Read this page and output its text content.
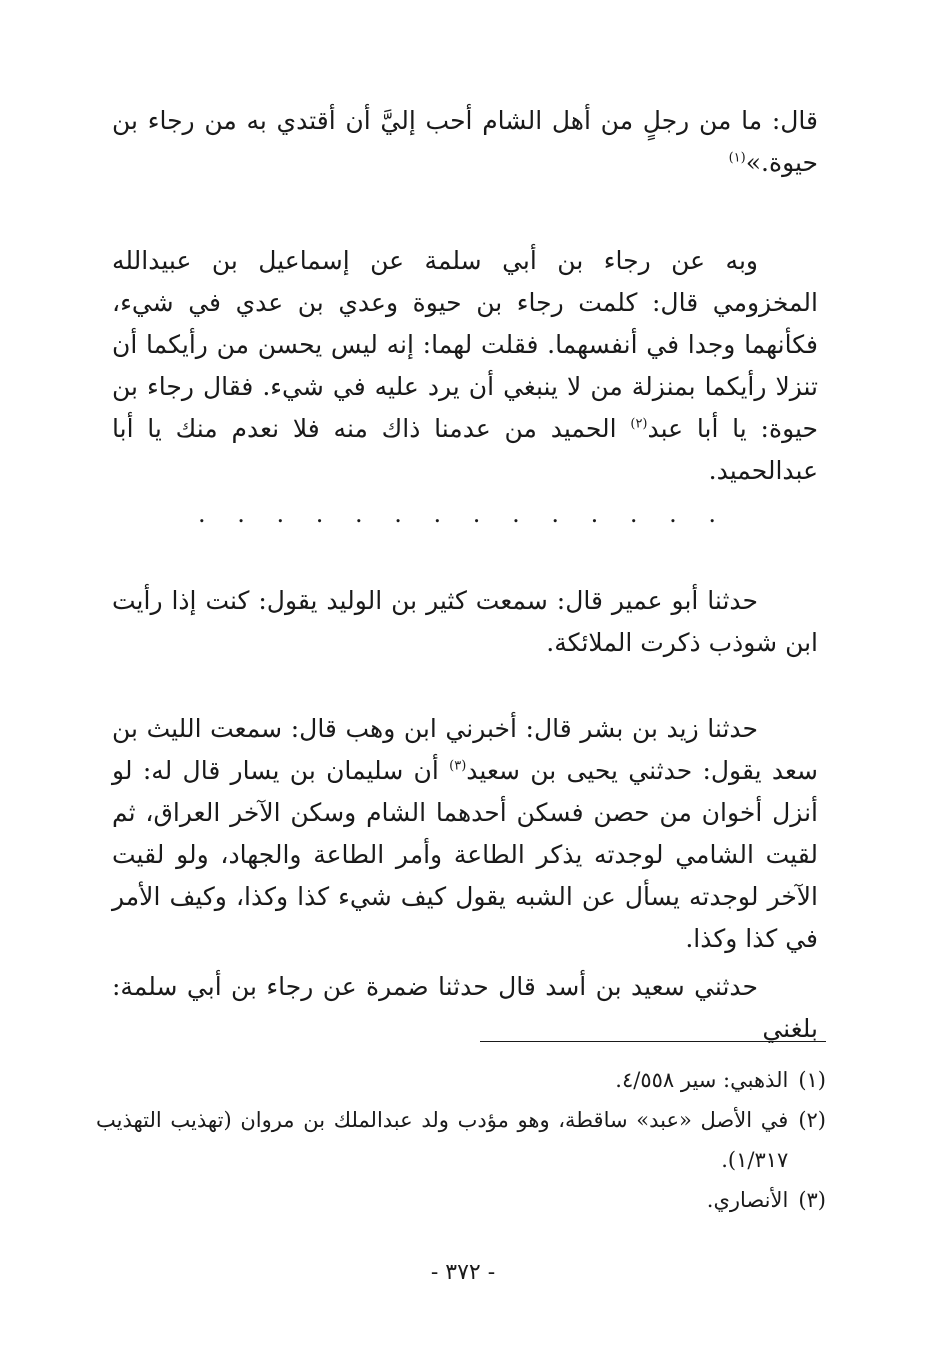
قال: ما من رجلٍ من أهل الشام أحب إليَّ أن أقتدي به من رجاء بن حيوة.»$^{(١)}$
وبه عن رجاء بن أبي سلمة عن إسماعيل بن عبيدالله المخزومي قال: كلمت رجاء بن حيوة وعدي بن عدي في شيء، فكأنهما وجدا في أنفسهما. فقلت لهما: إنه ليس يحسن من رأيكما أن تنزلا رأيكما بمنزلة من لا ينبغي أن يرد عليه في شيء. فقال رجاء بن حيوة: يا أبا عبد$^{(٢)}$ الحميد من عدمنا ذاك منه فلا نعدم منك يا أبا عبدالحميد.
. . . . . . . . . . . . . .
حدثنا أبو عمير قال: سمعت كثير بن الوليد يقول: كنت إذا رأيت ابن شوذب ذكرت الملائكة.
حدثنا زيد بن بشر قال: أخبرني ابن وهب قال: سمعت الليث بن سعد يقول: حدثني يحيى بن سعيد$^{(٣)}$ أن سليمان بن يسار قال له: لو أنزل أخوان من حصن فسكن أحدهما الشام وسكن الآخر العراق، ثم لقيت الشامي لوجدته يذكر الطاعة وأمر الطاعة والجهاد، ولو لقيت الآخر لوجدته يسأل عن الشبه يقول كيف شيء كذا وكذا، وكيف الأمر في كذا وكذا.
حدثني سعيد بن أسد قال حدثنا ضمرة عن رجاء بن أبي سلمة: بلغني
(١)
الذهبي: سير ٤/٥٥٨.
(٢)
في الأصل «عبد» ساقطة، وهو مؤدب ولد عبدالملك بن مروان (تهذيب التهذيب ١/٣١٧).
(٣)
الأنصاري.
- ٣٧٢ -
